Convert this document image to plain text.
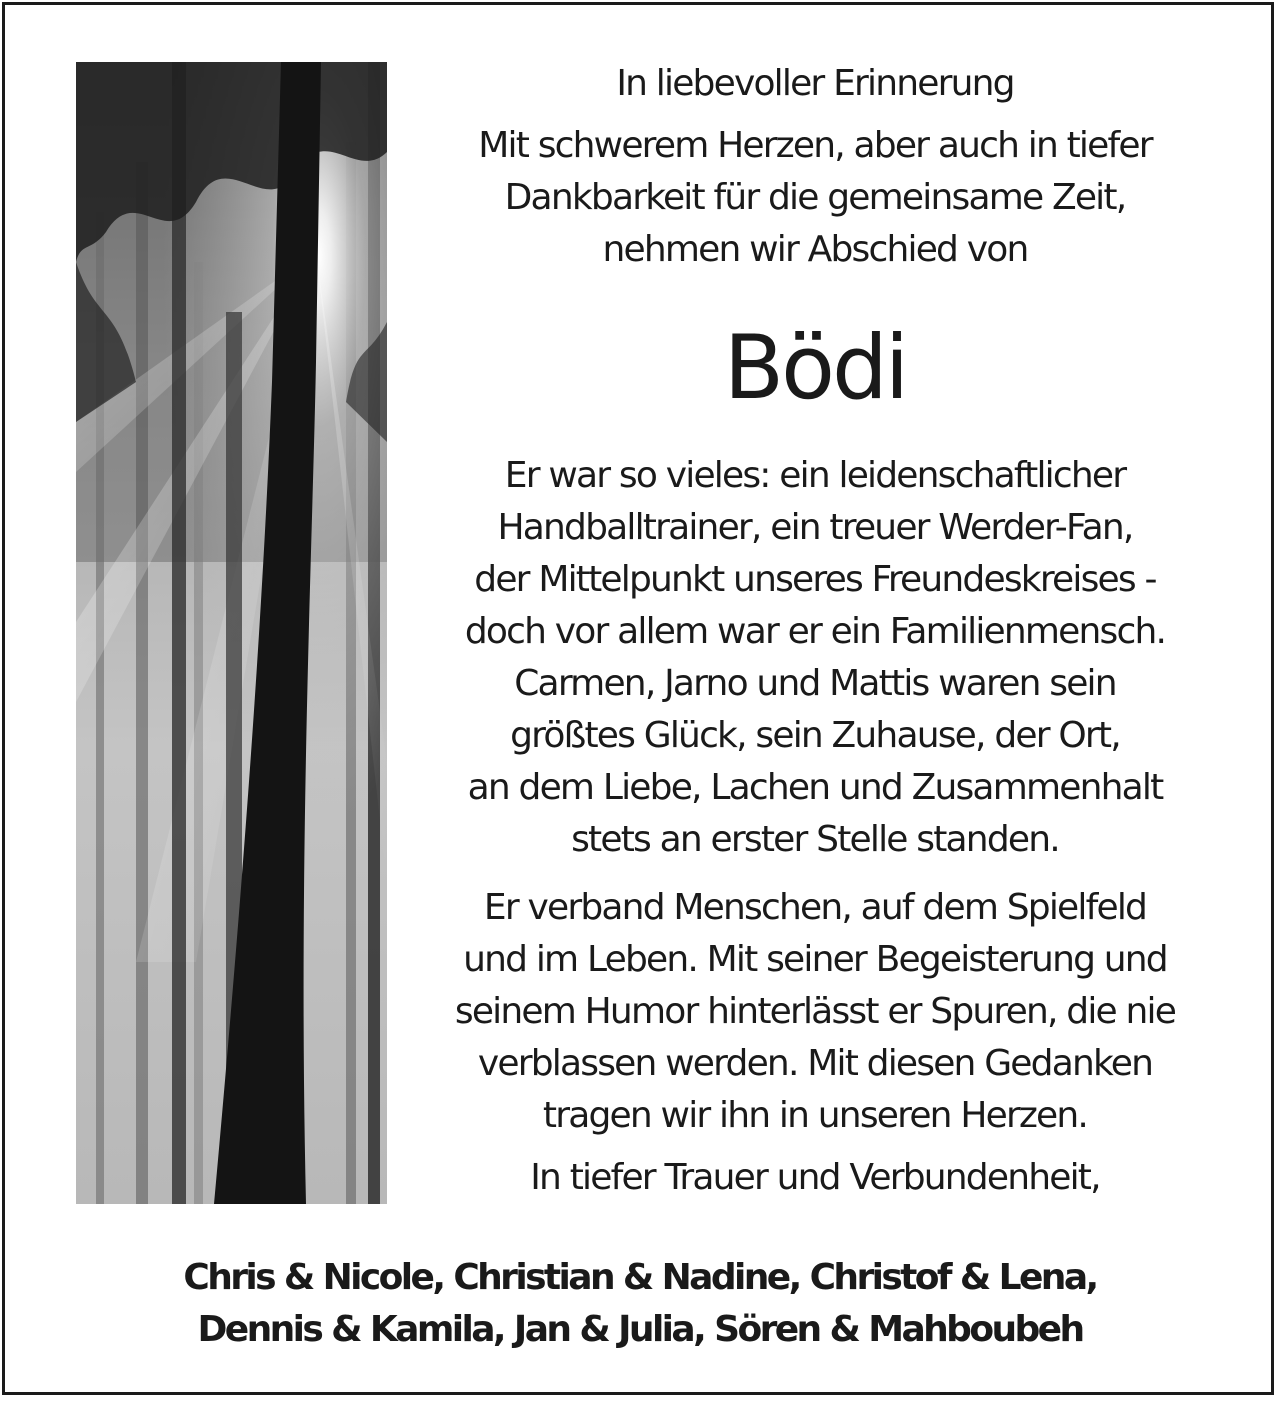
In liebevoller Erinnerung
Mit schwerem Herzen, aber auch in tiefer
Dankbarkeit für die gemeinsame Zeit,
nehmen wir Abschied von
Bödi
Er war so vieles: ein leidenschaftlicher
Handballtrainer, ein treuer Werder-Fan,
der Mittelpunkt unseres Freundeskreises -
doch vor allem war er ein Familienmensch.
Carmen, Jarno und Mattis waren sein
größtes Glück, sein Zuhause, der Ort,
an dem Liebe, Lachen und Zusammenhalt
stets an erster Stelle standen.
Er verband Menschen, auf dem Spielfeld
und im Leben. Mit seiner Begeisterung und
seinem Humor hinterlässt er Spuren, die nie
verblassen werden. Mit diesen Gedanken
tragen wir ihn in unseren Herzen.
In tiefer Trauer und Verbundenheit,
Chris & Nicole, Christian & Nadine, Christof & Lena,
Dennis & Kamila, Jan & Julia, Sören & Mahboubeh
